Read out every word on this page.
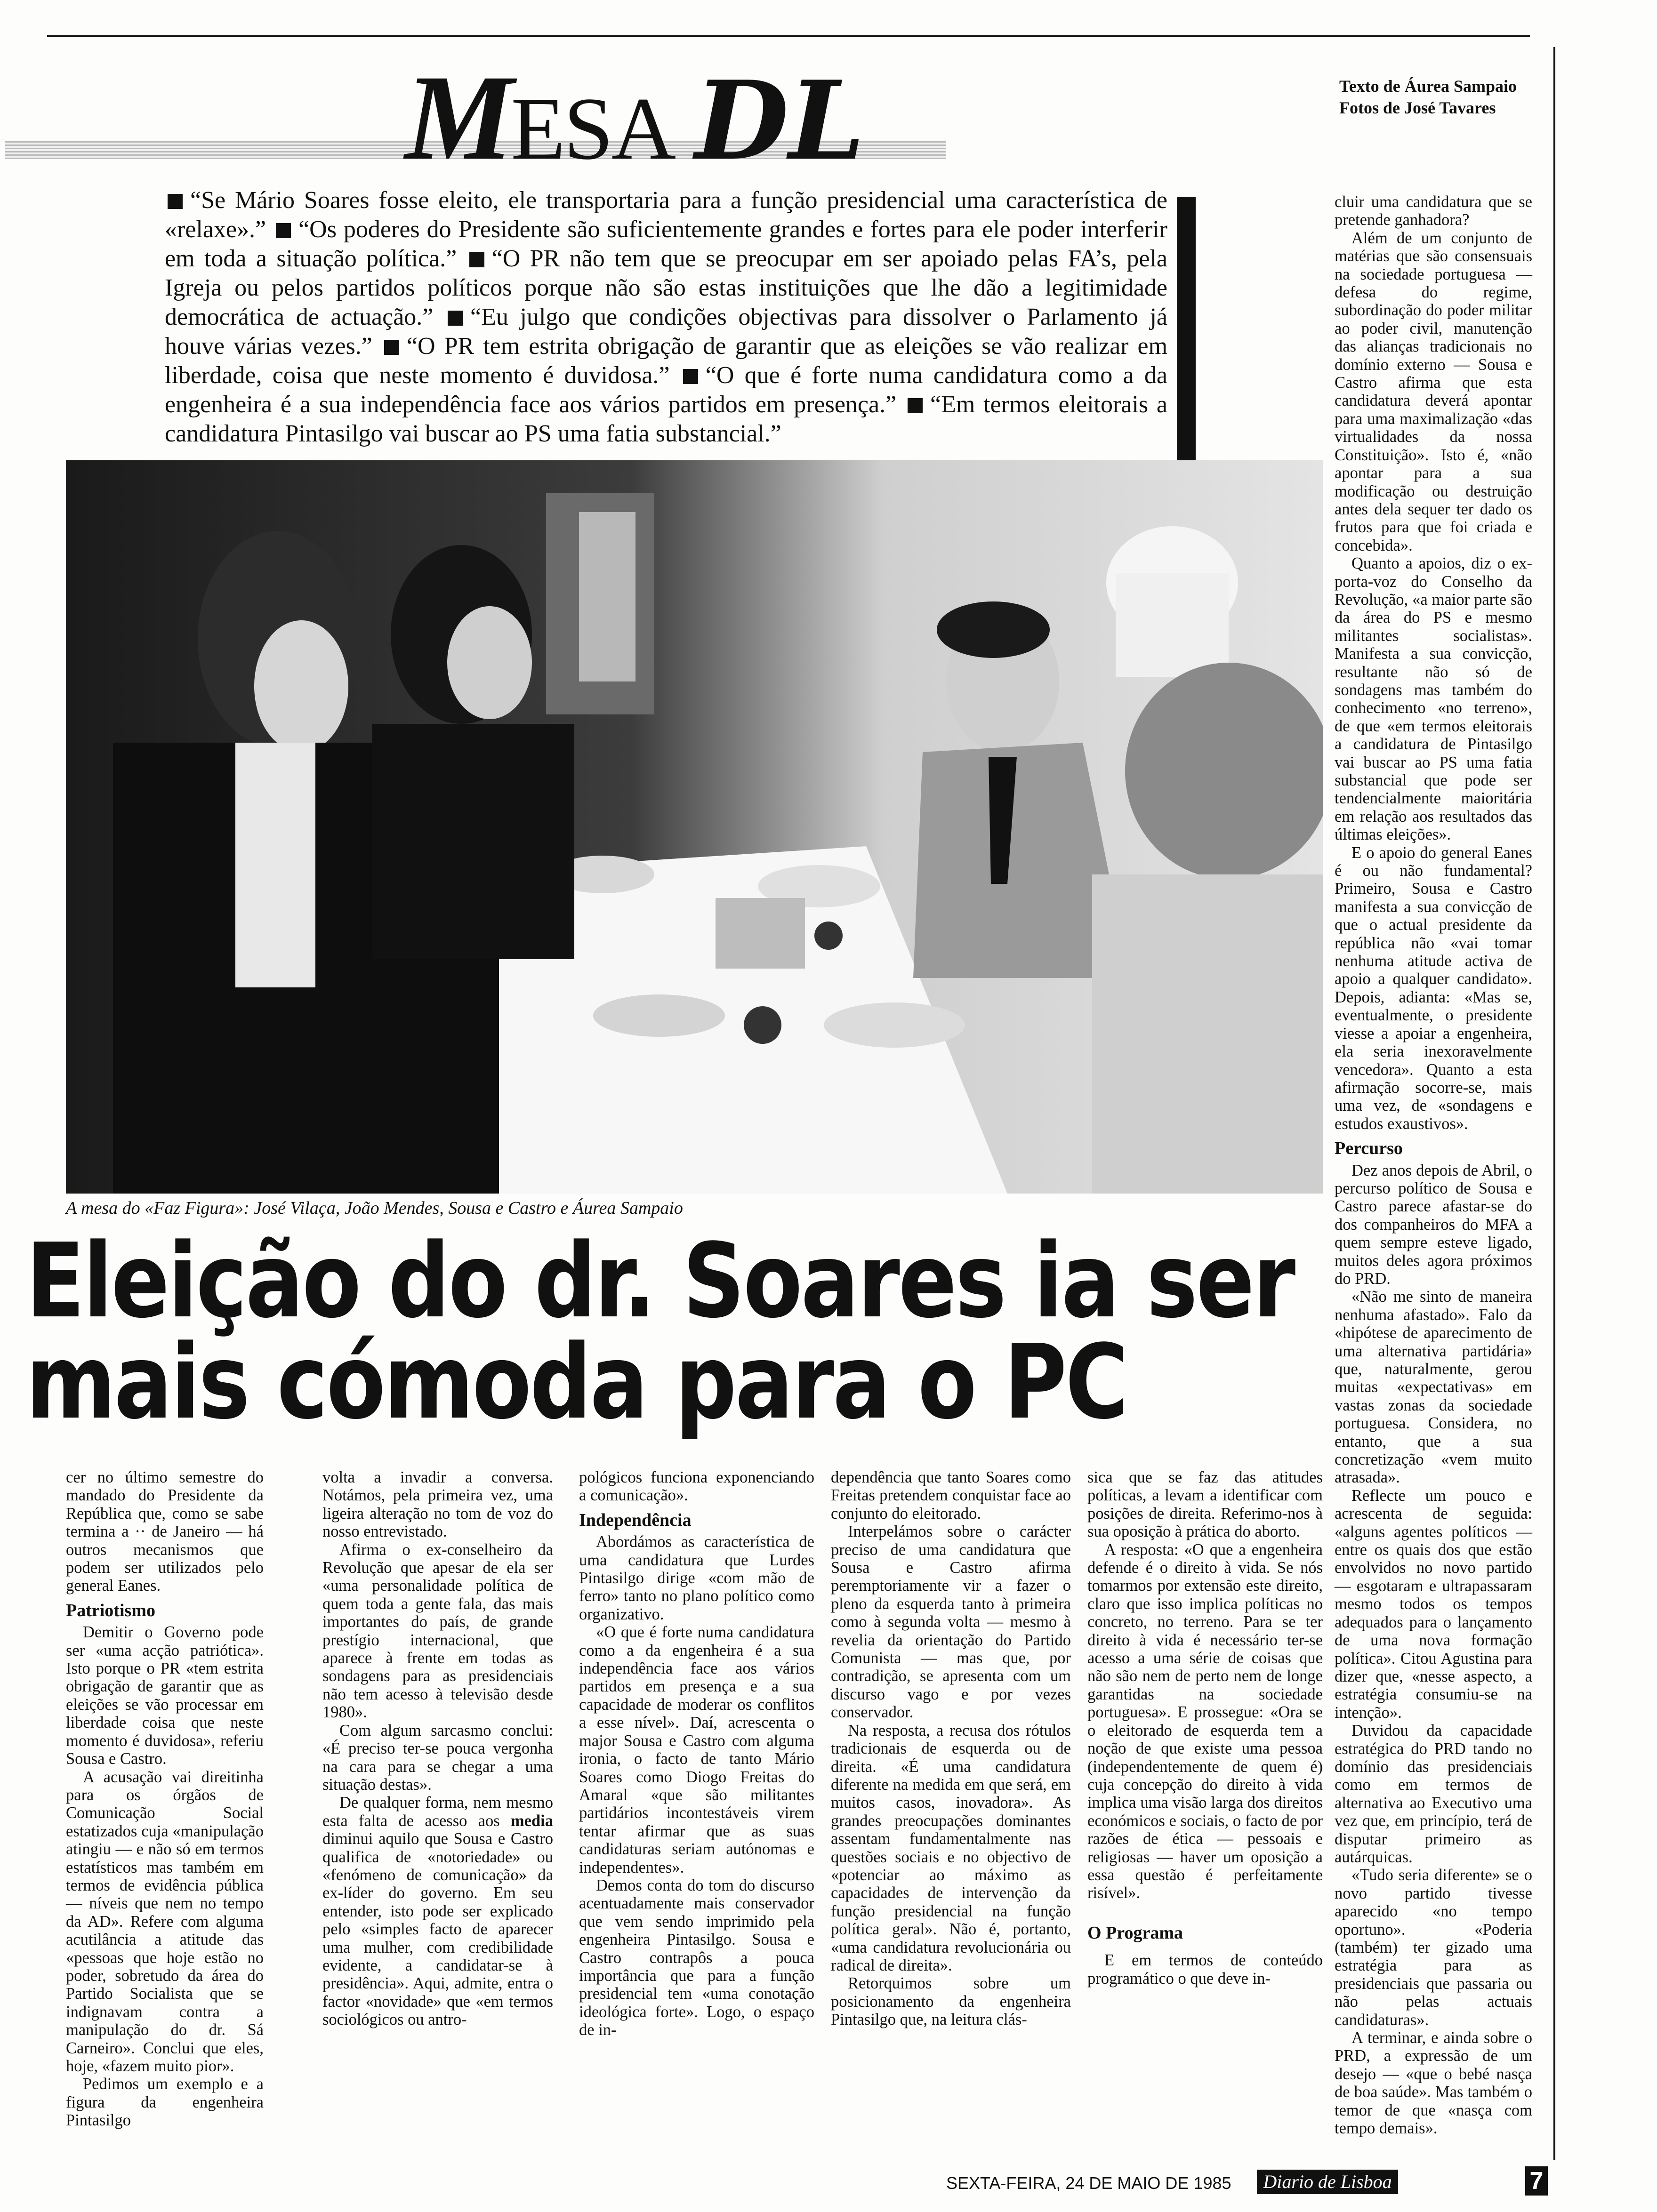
MESA DL	Texto de Áurea Sampaio
Fotos de José Tavares
“Se Mário Soares fosse eleito, ele transportaria para a função presidencial uma característica de «relaxe».” “Os poderes do Presidente são suficientemente grandes e fortes para ele poder interferir em toda a situação política.” “O PR não tem que se preocupar em ser apoiado pelas FA’s, pela Igreja ou pelos partidos políticos porque não são estas instituições que lhe dão a legitimidade democrática de actuação.” “Eu julgo que condições objectivas para dissolver o Parlamento já houve várias vezes.” “O PR tem estrita obrigação de garantir que as eleições se vão realizar em liberdade, coisa que neste momento é duvidosa.” “O que é forte numa candidatura como a da engenheira é a sua independência face aos vários partidos em presença.” “Em termos eleitorais a candidatura Pintasilgo vai buscar ao PS uma fatia substancial.”
A mesa do «Faz Figura»: José Vilaça, João Mendes, Sousa e Castro e Áurea Sampaio
Eleição do dr. Soares ia ser
mais cómoda para o PC

cluir uma candidatura que se pretende ganhadora?

Além de um conjunto de matérias que são consensuais na sociedade portuguesa — defesa do regime, subordinação do poder militar ao poder civil, manutenção das alianças tradicionais no domínio externo — Sousa e Castro afirma que esta candidatura deverá apontar para uma maximalização «das virtualidades da nossa Constituição». Isto é, «não apontar para a sua modificação ou destruição antes dela sequer ter dado os frutos para que foi criada e concebida».

Quanto a apoios, diz o ex-porta-voz do Conselho da Revolução, «a maior parte são da área do PS e mesmo militantes socialistas». Manifesta a sua convicção, resultante não só de sondagens mas também do conhecimento «no terreno», de que «em termos eleitorais a candidatura de Pintasilgo vai buscar ao PS uma fatia substancial que pode ser tendencialmente maioritária em relação aos resultados das últimas eleições».

E o apoio do general Eanes é ou não fundamental? Primeiro, Sousa e Castro manifesta a sua convicção de que o actual presidente da república não «vai tomar nenhuma atitude activa de apoio a qualquer candidato». Depois, adianta: «Mas se, eventualmente, o presidente viesse a apoiar a engenheira, ela seria inexoravelmente vencedora». Quanto a esta afirmação socorre-se, mais uma vez, de «sondagens e estudos exaustivos».

Percurso

Dez anos depois de Abril, o percurso político de Sousa e Castro parece afastar-se do dos companheiros do MFA a quem sempre esteve ligado, muitos deles agora próximos do PRD.

«Não me sinto de maneira nenhuma afastado». Falo da «hipótese de aparecimento de uma alternativa partidária» que, naturalmente, gerou muitas «expectativas» em vastas zonas da sociedade portuguesa. Considera, no entanto, que a sua concretização «vem muito atrasada».

Reflecte um pouco e acrescenta de seguida: «alguns agentes políticos — entre os quais dos que estão envolvidos no novo partido — esgotaram e ultrapassaram mesmo todos os tempos adequados para o lançamento de uma nova formação política». Citou Agustina para dizer que, «nesse aspecto, a estratégia consumiu-se na intenção».

Duvidou da capacidade estratégica do PRD tando no domínio das presidenciais como em termos de alternativa ao Executivo uma vez que, em princípio, terá de disputar primeiro as autárquicas.

«Tudo seria diferente» se o novo partido tivesse aparecido «no tempo oportuno». «Poderia (também) ter gizado uma estratégia para as presidenciais que passaria ou não pelas actuais candidaturas».

A terminar, e ainda sobre o PRD, a expressão de um desejo — «que o bebé nasça de boa saúde». Mas também o temor de que «nasça com tempo demais».

cer no último semestre do mandado do Presidente da República que, como se sabe termina a ·· de Janeiro — há outros mecanismos que podem ser utilizados pelo general Eanes.

Patriotismo

Demitir o Governo pode ser «uma acção patriótica». Isto porque o PR «tem estrita obrigação de garantir que as eleições se vão processar em liberdade coisa que neste momento é duvidosa», referiu Sousa e Castro.

A acusação vai direitinha para os órgãos de Comunicação Social estatizados cuja «manipulação atingiu — e não só em termos estatísticos mas também em termos de evidência pública — níveis que nem no tempo da AD». Refere com alguma acutilância a atitude das «pessoas que hoje estão no poder, sobretudo da área do Partido Socialista que se indignavam contra a manipulação do dr. Sá Carneiro». Conclui que eles, hoje, «fazem muito pior».

Pedimos um exemplo e a figura da engenheira Pintasilgo

volta a invadir a conversa. Notámos, pela primeira vez, uma ligeira alteração no tom de voz do nosso entrevistado.

Afirma o ex-conselheiro da Revolução que apesar de ela ser «uma personalidade política de quem toda a gente fala, das mais importantes do país, de grande prestígio internacional, que aparece à frente em todas as sondagens para as presidenciais não tem acesso à televisão desde 1980».

Com algum sarcasmo conclui: «É preciso ter-se pouca vergonha na cara para se chegar a uma situação destas».

De qualquer forma, nem mesmo esta falta de acesso aos media diminui aquilo que Sousa e Castro qualifica de «notoriedade» ou «fenómeno de comunicação» da ex-líder do governo. Em seu entender, isto pode ser explicado pelo «simples facto de aparecer uma mulher, com credibilidade evidente, a candidatar-se à presidência». Aqui, admite, entra o factor «novidade» que «em termos sociológicos ou antro-

pológicos funciona exponenciando a comunicação».

Independência

Abordámos as característica de uma candidatura que Lurdes Pintasilgo dirige «com mão de ferro» tanto no plano político como organizativo.

«O que é forte numa candidatura como a da engenheira é a sua independência face aos vários partidos em presença e a sua capacidade de moderar os conflitos a esse nível». Daí, acrescenta o major Sousa e Castro com alguma ironia, o facto de tanto Mário Soares como Diogo Freitas do Amaral «que são militantes partidários incontestáveis virem tentar afirmar que as suas candidaturas seriam autónomas e independentes».

Demos conta do tom do discurso acentuadamente mais conservador que vem sendo imprimido pela engenheira Pintasilgo. Sousa e Castro contrapôs a pouca importância que para a função presidencial tem «uma conotação ideológica forte». Logo, o espaço de in-

dependência que tanto Soares como Freitas pretendem conquistar face ao conjunto do eleitorado.

Interpelámos sobre o carácter preciso de uma candidatura que Sousa e Castro afirma peremptoriamente vir a fazer o pleno da esquerda tanto à primeira como à segunda volta — mesmo à revelia da orientação do Partido Comunista — mas que, por contradição, se apresenta com um discurso vago e por vezes conservador.

Na resposta, a recusa dos rótulos tradicionais de esquerda ou de direita. «É uma candidatura diferente na medida em que será, em muitos casos, inovadora». As grandes preocupações dominantes assentam fundamentalmente nas questões sociais e no objectivo de «potenciar ao máximo as capacidades de intervenção da função presidencial na função política geral». Não é, portanto, «uma candidatura revolucionária ou radical de direita».

Retorquimos sobre um posicionamento da engenheira Pintasilgo que, na leitura clás-

sica que se faz das atitudes políticas, a levam a identificar com posições de direita. Referimo-nos à sua oposição à prática do aborto.

A resposta: «O que a engenheira defende é o direito à vida. Se nós tomarmos por extensão este direito, claro que isso implica políticas no concreto, no terreno. Para se ter direito à vida é necessário ter-se acesso a uma série de coisas que não são nem de perto nem de longe garantidas na sociedade portuguesa». E prossegue: «Ora se o eleitorado de esquerda tem a noção de que existe uma pessoa (independentemente de quem é) cuja concepção do direito à vida implica uma visão larga dos direitos económicos e sociais, o facto de por razões de ética — pessoais e religiosas — haver um oposição a essa questão é perfeitamente risível».

O Programa

E em termos de conteúdo programático o que deve in-

SEXTA-FEIRA, 24 DE MAIO DE 1985	Diario de Lisboa	7
